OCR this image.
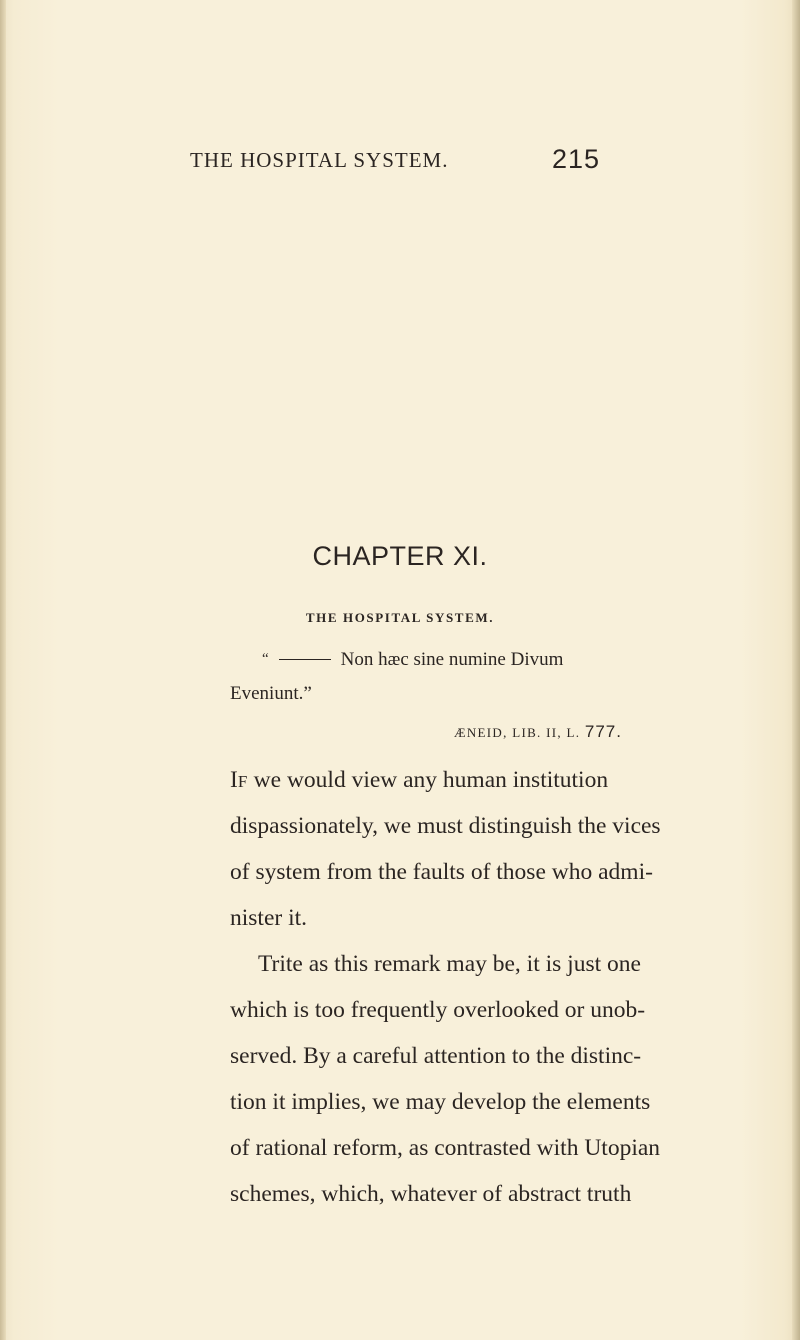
THE HOSPITAL SYSTEM.	215
CHAPTER XI.
THE HOSPITAL SYSTEM.
“	Non hæc sine numine Divum
Eveniunt.”
ÆNEID, LIB. II, L. 777.
IF we would view any human institution
dispassionately, we must distinguish the vices
of system from the faults of those who admi-
nister it.
Trite as this remark may be, it is just one
which is too frequently overlooked or unob-
served. By a careful attention to the distinc-
tion it implies, we may develop the elements
of rational reform, as contrasted with Utopian
schemes, which, whatever of abstract truth
